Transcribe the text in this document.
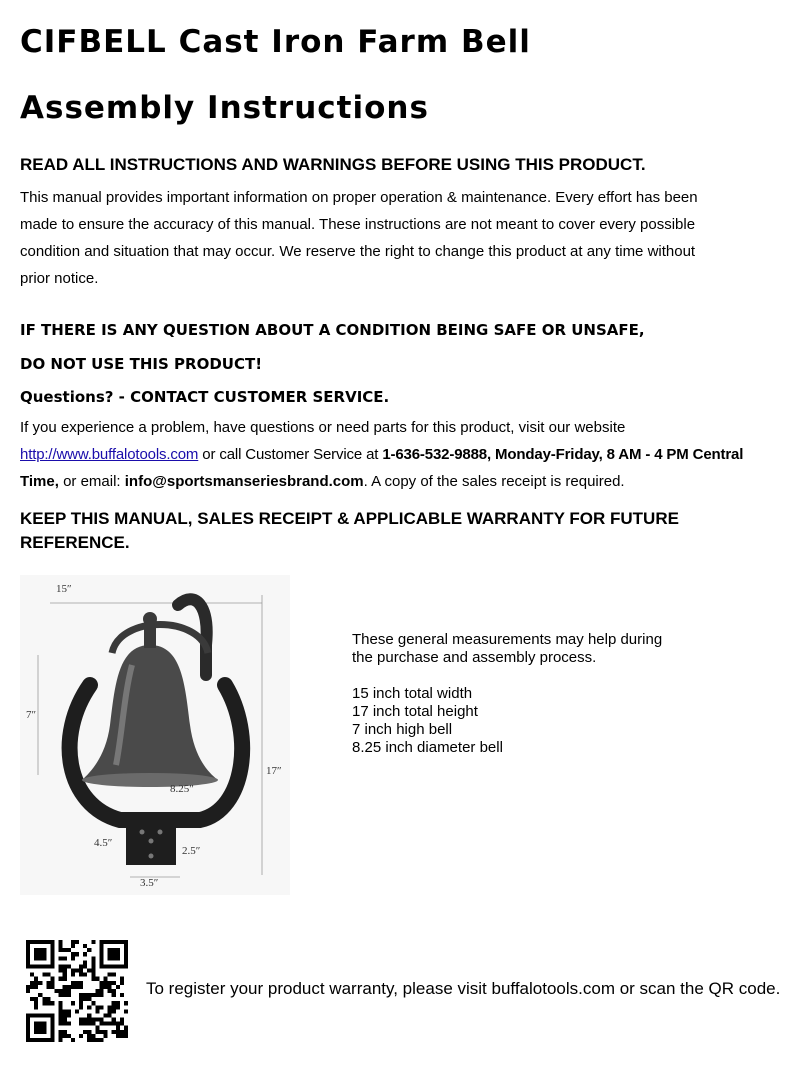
CIFBELL Cast Iron Farm Bell
Assembly Instructions
READ ALL INSTRUCTIONS AND WARNINGS BEFORE USING THIS PRODUCT.
This manual provides important information on proper operation & maintenance. Every effort has been
made to ensure the accuracy of this manual. These instructions are not meant to cover every possible
condition and situation that may occur. We reserve the right to change this product at any time without
prior notice.
IF THERE IS ANY QUESTION ABOUT A CONDITION BEING SAFE OR UNSAFE,
DO NOT USE THIS PRODUCT!
Questions? - CONTACT CUSTOMER SERVICE.
If you experience a problem, have questions or need parts for this product, visit our website
http://www.buffalotools.com or call Customer Service at 1-636-532-9888, Monday-Friday, 8 AM - 4 PM Central
Time, or email: info@sportsmanseriesbrand.com. A copy of the sales receipt is required.
KEEP THIS MANUAL, SALES RECEIPT & APPLICABLE WARRANTY FOR FUTURE
REFERENCE.
15″
7″
17″
8.25″
4.5″
2.5″
3.5″
These general measurements may help during
the purchase and assembly process.
15 inch total width
17 inch total height
7 inch high bell
8.25 inch diameter bell
To register your product warranty, please visit buffalotools.com or scan the QR code.
